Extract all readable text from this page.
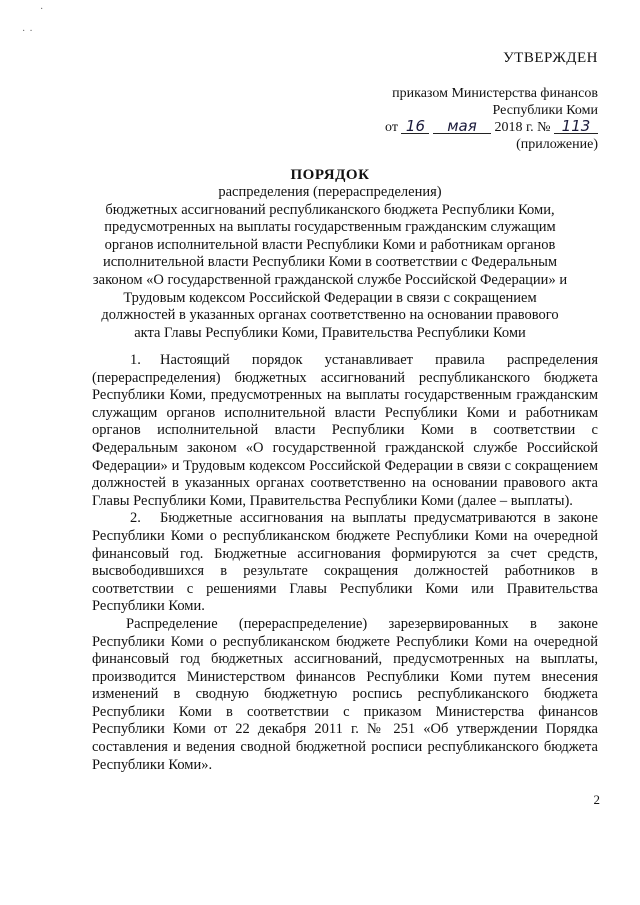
·
··
УТВЕРЖДЕН
приказом Министерства финансов
Республики Коми
от
16
	мая
	2018 г. №
113
(приложение)
ПОРЯДОК
распределения (перераспределения)
бюджетных ассигнований республиканского бюджета Республики Коми,
предусмотренных на выплаты государственным гражданским служащим
органов исполнительной власти Республики Коми и работникам органов
исполнительной власти Республики Коми в соответствии с Федеральным
законом «О государственной гражданской службе Российской Федерации» и
Трудовым кодексом Российской Федерации в связи с сокращением
должностей в указанных органах соответственно на основании правового
акта Главы Республики Коми, Правительства Республики Коми

1. Настоящий порядок устанавливает правила распределения (перераспределения) бюджетных ассигнований республиканского бюджета Республики Коми, предусмотренных на выплаты государственным гражданским служащим органов исполнительной власти Республики Коми и работникам органов исполнительной власти Республики Коми в соответствии с Федеральным законом «О государственной гражданской службе Российской Федерации» и Трудовым кодексом Российской Федерации в связи с сокращением должностей в указанных органах соответственно на основании правового акта Главы Республики Коми, Правительства Республики Коми (далее – выплаты).

2. Бюджетные ассигнования на выплаты предусматриваются в законе Республики Коми о республиканском бюджете Республики Коми на очередной финансовый год. Бюджетные ассигнования формируются за счет средств, высвободившихся в результате сокращения должностей работников в соответствии с решениями Главы Республики Коми или Правительства Республики Коми.

Распределение (перераспределение) зарезервированных в законе Республики Коми о республиканском бюджете Республики Коми на очередной финансовый год бюджетных ассигнований, предусмотренных на выплаты, производится Министерством финансов Республики Коми путем внесения изменений в сводную бюджетную роспись республиканского бюджета Республики Коми в соответствии с приказом Министерства финансов Республики Коми от 22 декабря 2011 г. № 251 «Об утверждении Порядка составления и ведения сводной бюджетной росписи республиканского бюджета Республики Коми».

2
